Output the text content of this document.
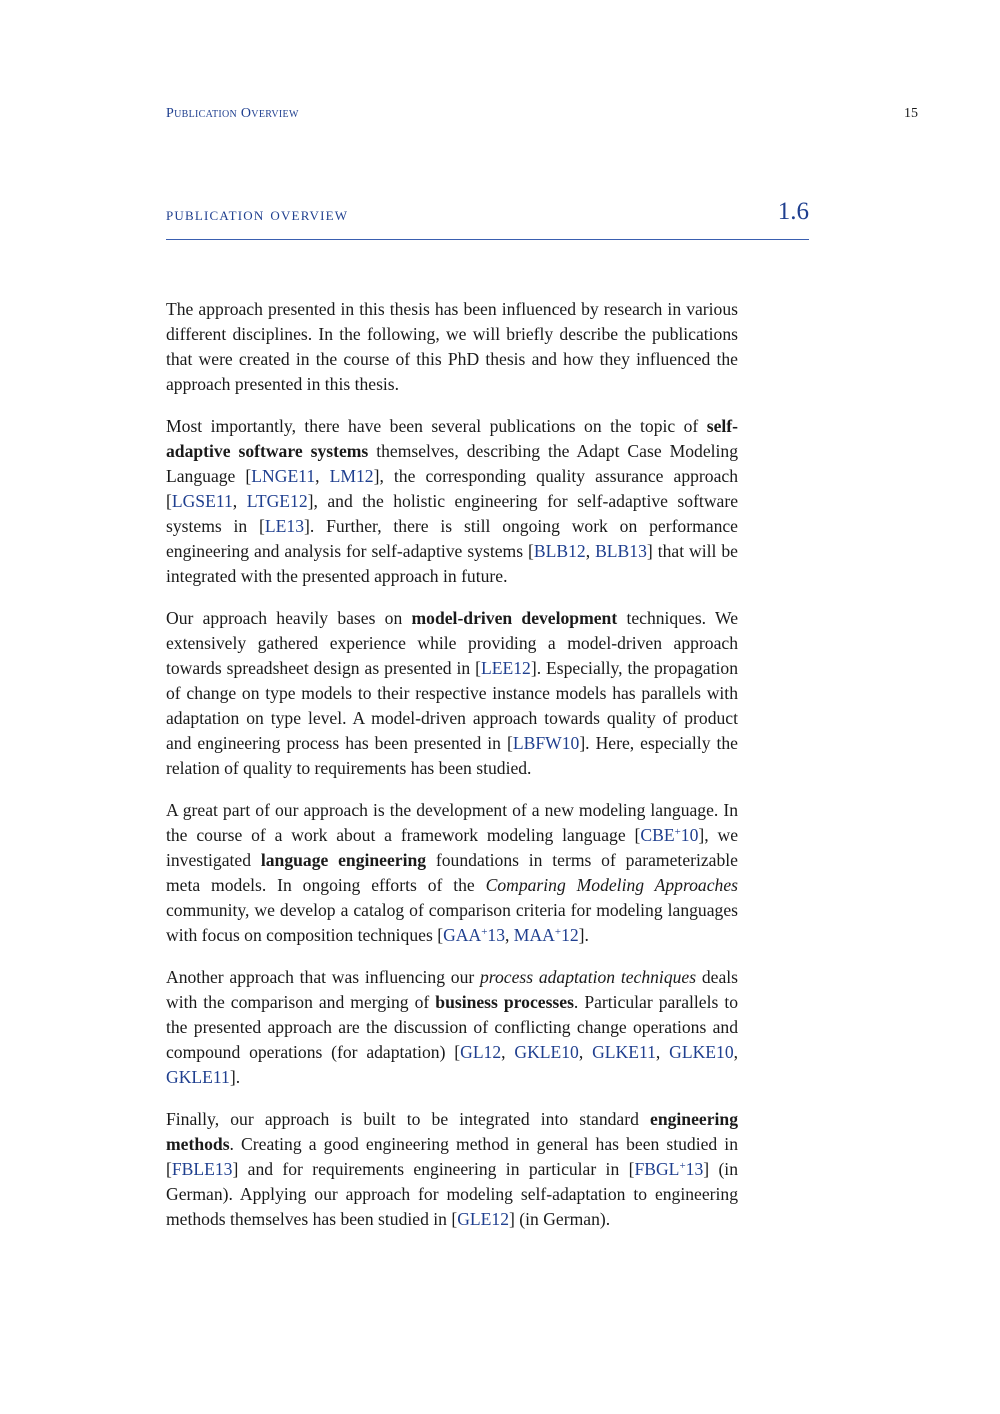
Publication Overview	15
publication overview	1.6

The approach presented in this thesis has been influenced by research in various different disciplines. In the following, we will briefly describe the publications that were created in the course of this PhD thesis and how they influenced the approach presented in this thesis.

Most importantly, there have been several publications on the topic of self-adaptive software systems themselves, describing the Adapt Case Modeling Language [LNGE11, LM12], the corresponding quality assurance approach [LGSE11, LTGE12], and the holistic engineering for self-adaptive software systems in [LE13]. Further, there is still ongoing work on performance engineering and analysis for self-adaptive systems [BLB12, BLB13] that will be integrated with the presented approach in future.

Our approach heavily bases on model-driven development techniques. We extensively gathered experience while providing a model-driven approach towards spreadsheet design as presented in [LEE12]. Especially, the propagation of change on type models to their respective instance models has parallels with adaptation on type level. A model-driven approach towards quality of product and engineering process has been presented in [LBFW10]. Here, especially the relation of quality to requirements has been studied.

A great part of our approach is the development of a new modeling language. In the course of a work about a framework modeling language [CBE+10], we investigated language engineering foundations in terms of parameterizable meta models. In ongoing efforts of the Comparing Modeling Approaches community, we develop a catalog of comparison criteria for modeling languages with focus on composition techniques [GAA+13, MAA+12].

Another approach that was influencing our process adaptation techniques deals with the comparison and merging of business processes. Particular parallels to the presented approach are the discussion of conflicting change operations and compound operations (for adaptation) [GL12, GKLE10, GLKE11, GLKE10, GKLE11].

Finally, our approach is built to be integrated into standard engineering methods. Creating a good engineering method in general has been studied in [FBLE13] and for requirements engineering in particular in [FBGL+13] (in German). Applying our approach for modeling self-adaptation to engineering methods themselves has been studied in [GLE12] (in German).
